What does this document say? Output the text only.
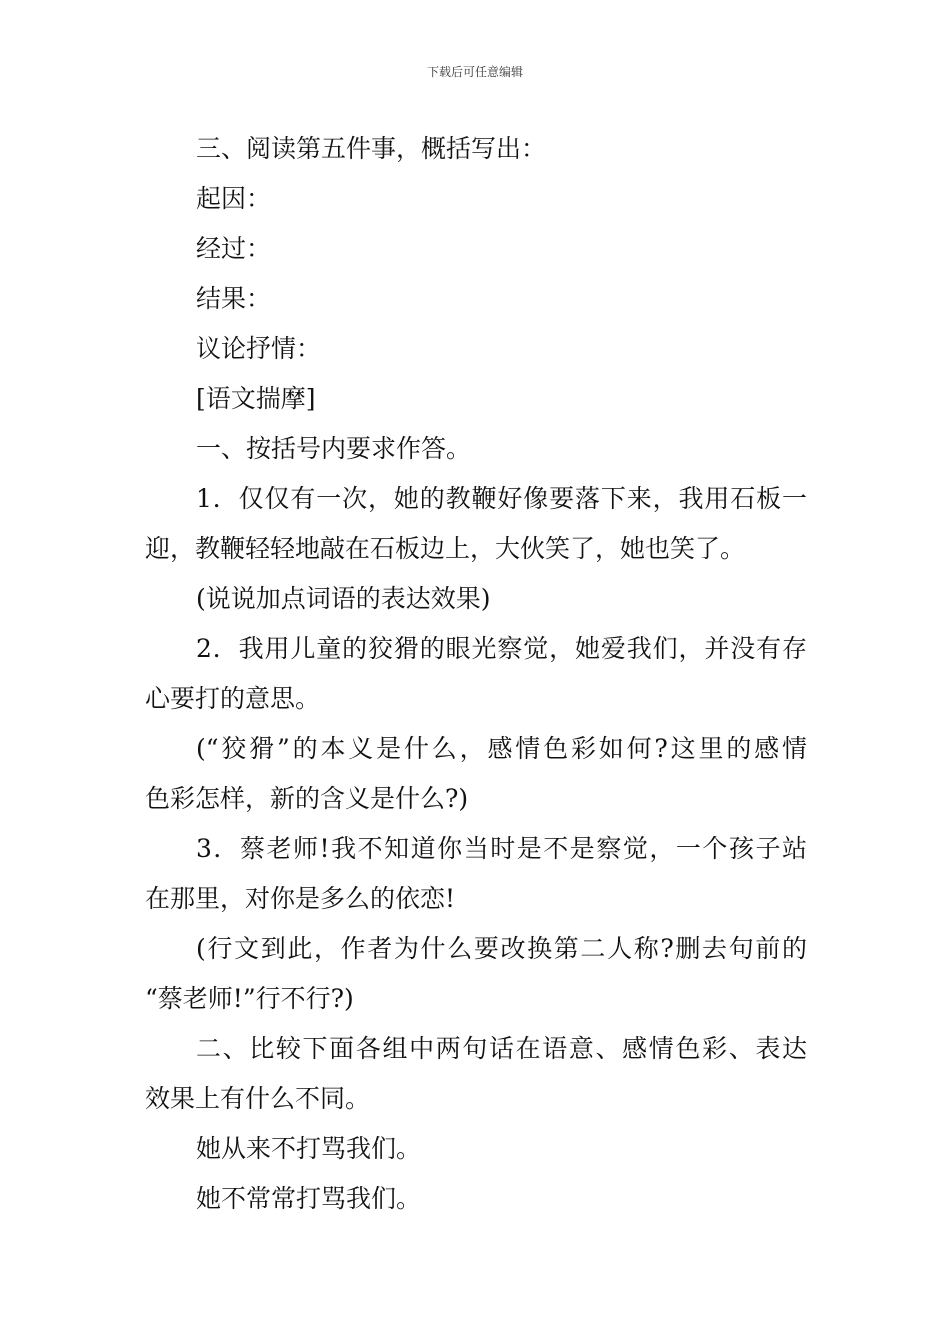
下载后可任意编辑
三、阅读第五件事，概括写出：
起因：
经过：
结果：
议论抒情：
[语文揣摩]
一、按括号内要求作答。
1．仅仅有一次，她的教鞭好像要落下来，我用石板一
迎，教鞭轻轻地敲在石板边上，大伙笑了，她也笑了。
(说说加点词语的表达效果)
2．我用儿童的狡猾的眼光察觉，她爱我们，并没有存
心要打的意思。
(“狡猾”的本义是什么，感情色彩如何?这里的感情
色彩怎样，新的含义是什么?)
3．蔡老师!我不知道你当时是不是察觉，一个孩子站
在那里，对你是多么的依恋!
(行文到此，作者为什么要改换第二人称?删去句前的
“蔡老师!”行不行?)
二、比较下面各组中两句话在语意、感情色彩、表达
效果上有什么不同。
她从来不打骂我们。
她不常常打骂我们。
